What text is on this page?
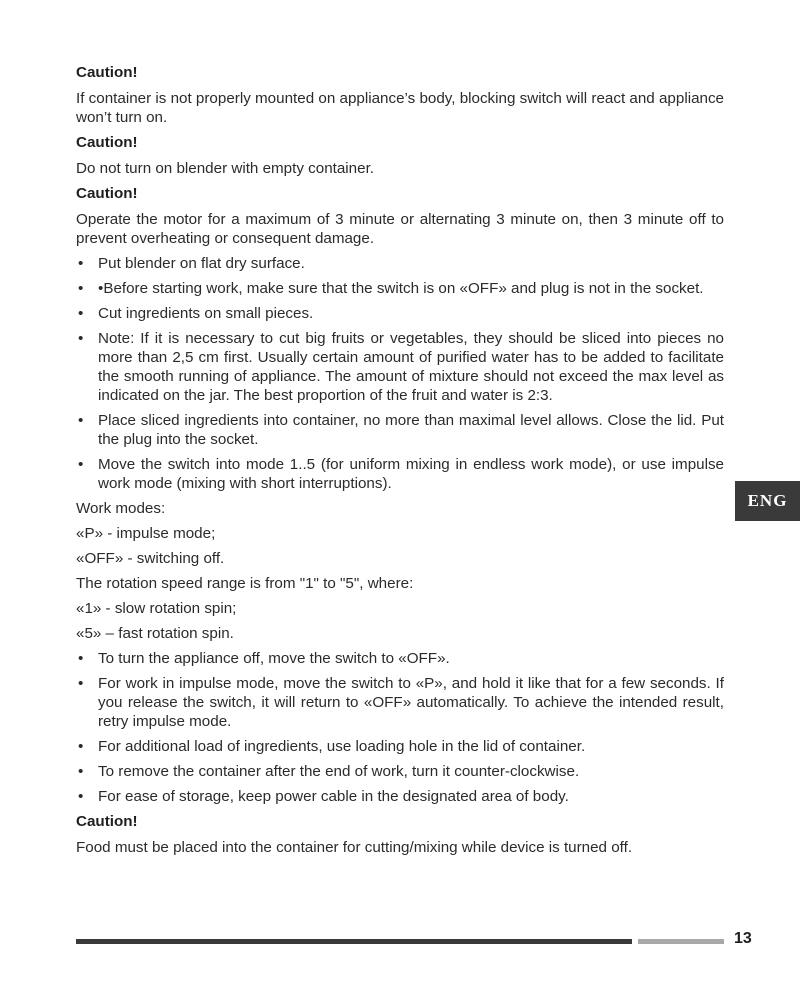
Caution!
If container is not properly mounted on appliance’s body, blocking switch will react and appliance won’t turn on.
Caution!
Do not turn on blender with empty container.
Caution!
Operate the motor for a maximum of 3 minute or alternating 3 minute on, then 3 minute off to prevent overheating or consequent damage.
• Put blender on flat dry surface.
• •Before starting work, make sure that the switch is on «OFF» and plug is not in the socket.
• Cut ingredients on small pieces.
• Note: If it is necessary to cut big fruits or vegetables, they should be sliced into pieces no more than 2,5 cm first. Usually certain amount of purified water has to be added to facilitate the smooth running of appliance. The amount of mixture should not exceed the max level as indicated on the jar. The best proportion of the fruit and water is 2:3.
• Place sliced ingredients into container, no more than maximal level allows. Close the lid. Put the plug into the socket.
• Move the switch into mode 1..5 (for uniform mixing in endless work mode), or use impulse work mode (mixing with short interruptions).
Work modes:
«P» - impulse mode;
«OFF» - switching off.
The rotation speed range is from "1" to "5", where:
«1» - slow rotation spin;
«5» – fast rotation spin.
• To turn the appliance off, move the switch to «OFF».
• For work in impulse mode, move the switch to «P», and hold it like that for a few seconds. If you release the switch, it will return to «OFF» automatically. To achieve the intended result, retry impulse mode.
• For additional load of ingredients, use loading hole in the lid of container.
• To remove the container after the end of work, turn it counter-clockwise.
• For ease of storage, keep power cable in the designated area of body.
Caution!
Food must be placed into the container for cutting/mixing while device is turned off.
ENG
13
